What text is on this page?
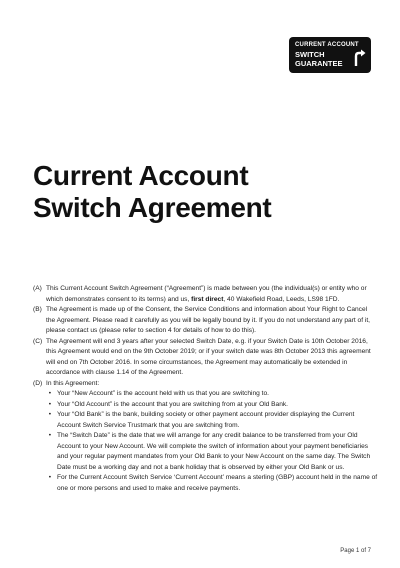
CURRENT ACCOUNT
SWITCH
GUARANTEE
Current Account
Switch Agreement
(A) This Current Account Switch Agreement (“Agreement”) is made between you (the individual(s) or entity who or which demonstrates consent to its terms) and us, first direct, 40 Wakefield Road, Leeds, LS98 1FD.
(B) The Agreement is made up of the Consent, the Service Conditions and information about Your Right to Cancel the Agreement. Please read it carefully as you will be legally bound by it. If you do not understand any part of it, please contact us (please refer to section 4 for details of how to do this).
(C) The Agreement will end 3 years after your selected Switch Date, e.g. if your Switch Date is 10th October 2016, this Agreement would end on the 9th October 2019; or if your switch date was 8th October 2013 this agreement will end on 7th October 2016. In some circumstances, the Agreement may automatically be extended in accordance with clause 1.14 of the Agreement.
(D) In this Agreement:
• Your “New Account” is the account held with us that you are switching to.
• Your “Old Account” is the account that you are switching from at your Old Bank.
• Your “Old Bank” is the bank, building society or other payment account provider displaying the Current Account Switch Service Trustmark that you are switching from.
• The “Switch Date” is the date that we will arrange for any credit balance to be transferred from your Old Account to your New Account. We will complete the switch of information about your payment beneficiaries and your regular payment mandates from your Old Bank to your New Account on the same day. The Switch Date must be a working day and not a bank holiday that is observed by either your Old Bank or us.
• For the Current Account Switch Service ‘Current Account’ means a sterling (GBP) account held in the name of one or more persons and used to make and receive payments.
Page 1 of 7
